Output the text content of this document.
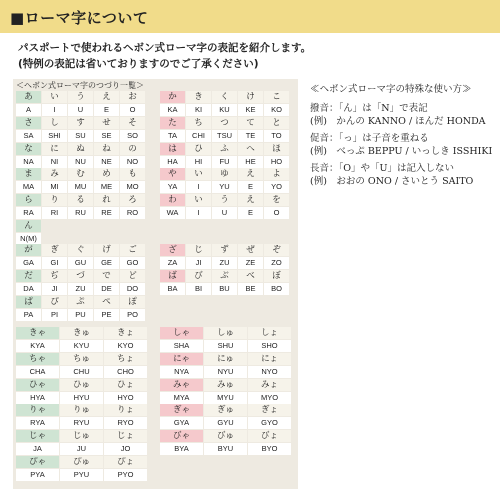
■ローマ字について
パスポートで使われるヘボン式ローマ字の表記を紹介します。
(特例の表記は省いておりますのでご了承ください)
＜ヘボン式ローマ字のつづり一覧＞
あ
A
い
I
う
U
え
E
お
O
さ
SA
し
SHI
す
SU
せ
SE
そ
SO
な
NA
に
NI
ぬ
NU
ね
NE
の
NO
ま
MA
み
MI
む
MU
め
ME
も
MO
ら
RA
り
RI
る
RU
れ
RE
ろ
RO
ん
N(M)
か
KA
き
KI
く
KU
け
KE
こ
KO
た
TA
ち
CHI
つ
TSU
て
TE
と
TO
は
HA
ひ
HI
ふ
FU
へ
HE
ほ
HO
や
YA
い
I
ゆ
YU
え
E
よ
YO
わ
WA
い
I
う
U
え
E
を
O
が
GA
ぎ
GI
ぐ
GU
げ
GE
ご
GO
だ
DA
ぢ
JI
づ
ZU
で
DE
ど
DO
ぱ
PA
ぴ
PI
ぷ
PU
ぺ
PE
ぽ
PO
ざ
ZA
じ
JI
ず
ZU
ぜ
ZE
ぞ
ZO
ば
BA
び
BI
ぶ
BU
べ
BE
ぼ
BO
きゃ
KYA
きゅ
KYU
きょ
KYO
ちゃ
CHA
ちゅ
CHU
ちょ
CHO
ひゃ
HYA
ひゅ
HYU
ひょ
HYO
りゃ
RYA
りゅ
RYU
りょ
RYO
じゃ
JA
じゅ
JU
じょ
JO
ぴゃ
PYA
ぴゅ
PYU
ぴょ
PYO
しゃ
SHA
しゅ
SHU
しょ
SHO
にゃ
NYA
にゅ
NYU
にょ
NYO
みゃ
MYA
みゅ
MYU
みょ
MYO
ぎゃ
GYA
ぎゅ
GYU
ぎょ
GYO
びゃ
BYA
びゅ
BYU
びょ
BYO
≪ヘボン式ローマ字の特殊な使い方≫
撥音：「ん」は「N」で表記
(例)　かんの KANNO / ほんだ HONDA
促音：「っ」は子音を重ねる
(例)　べっぷ BEPPU / いっしき ISSHIKI
長音：「O」や「U」は記入しない
(例)　おおの ONO / さいとう SAITO
